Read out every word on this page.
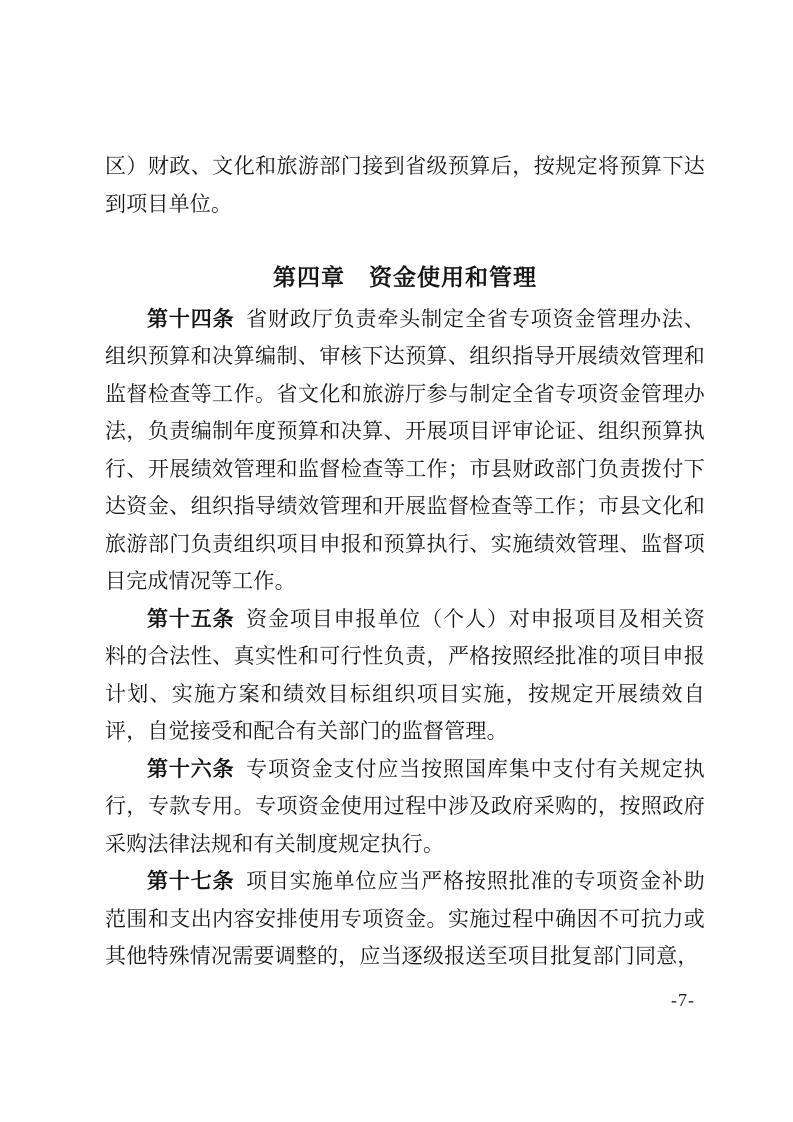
区）财政、文化和旅游部门接到省级预算后，按规定将预算下达到项目单位。

第四章　资金使用和管理

第十四条 省财政厅负责牵头制定全省专项资金管理办法、组织预算和决算编制、审核下达预算、组织指导开展绩效管理和监督检查等工作。省文化和旅游厅参与制定全省专项资金管理办法，负责编制年度预算和决算、开展项目评审论证、组织预算执行、开展绩效管理和监督检查等工作；市县财政部门负责拨付下达资金、组织指导绩效管理和开展监督检查等工作；市县文化和旅游部门负责组织项目申报和预算执行、实施绩效管理、监督项目完成情况等工作。

第十五条 资金项目申报单位（个人）对申报项目及相关资料的合法性、真实性和可行性负责，严格按照经批准的项目申报计划、实施方案和绩效目标组织项目实施，按规定开展绩效自评，自觉接受和配合有关部门的监督管理。

第十六条 专项资金支付应当按照国库集中支付有关规定执行，专款专用。专项资金使用过程中涉及政府采购的，按照政府采购法律法规和有关制度规定执行。

第十七条 项目实施单位应当严格按照批准的专项资金补助范围和支出内容安排使用专项资金。实施过程中确因不可抗力或其他特殊情况需要调整的，应当逐级报送至项目批复部门同意，

-7-
